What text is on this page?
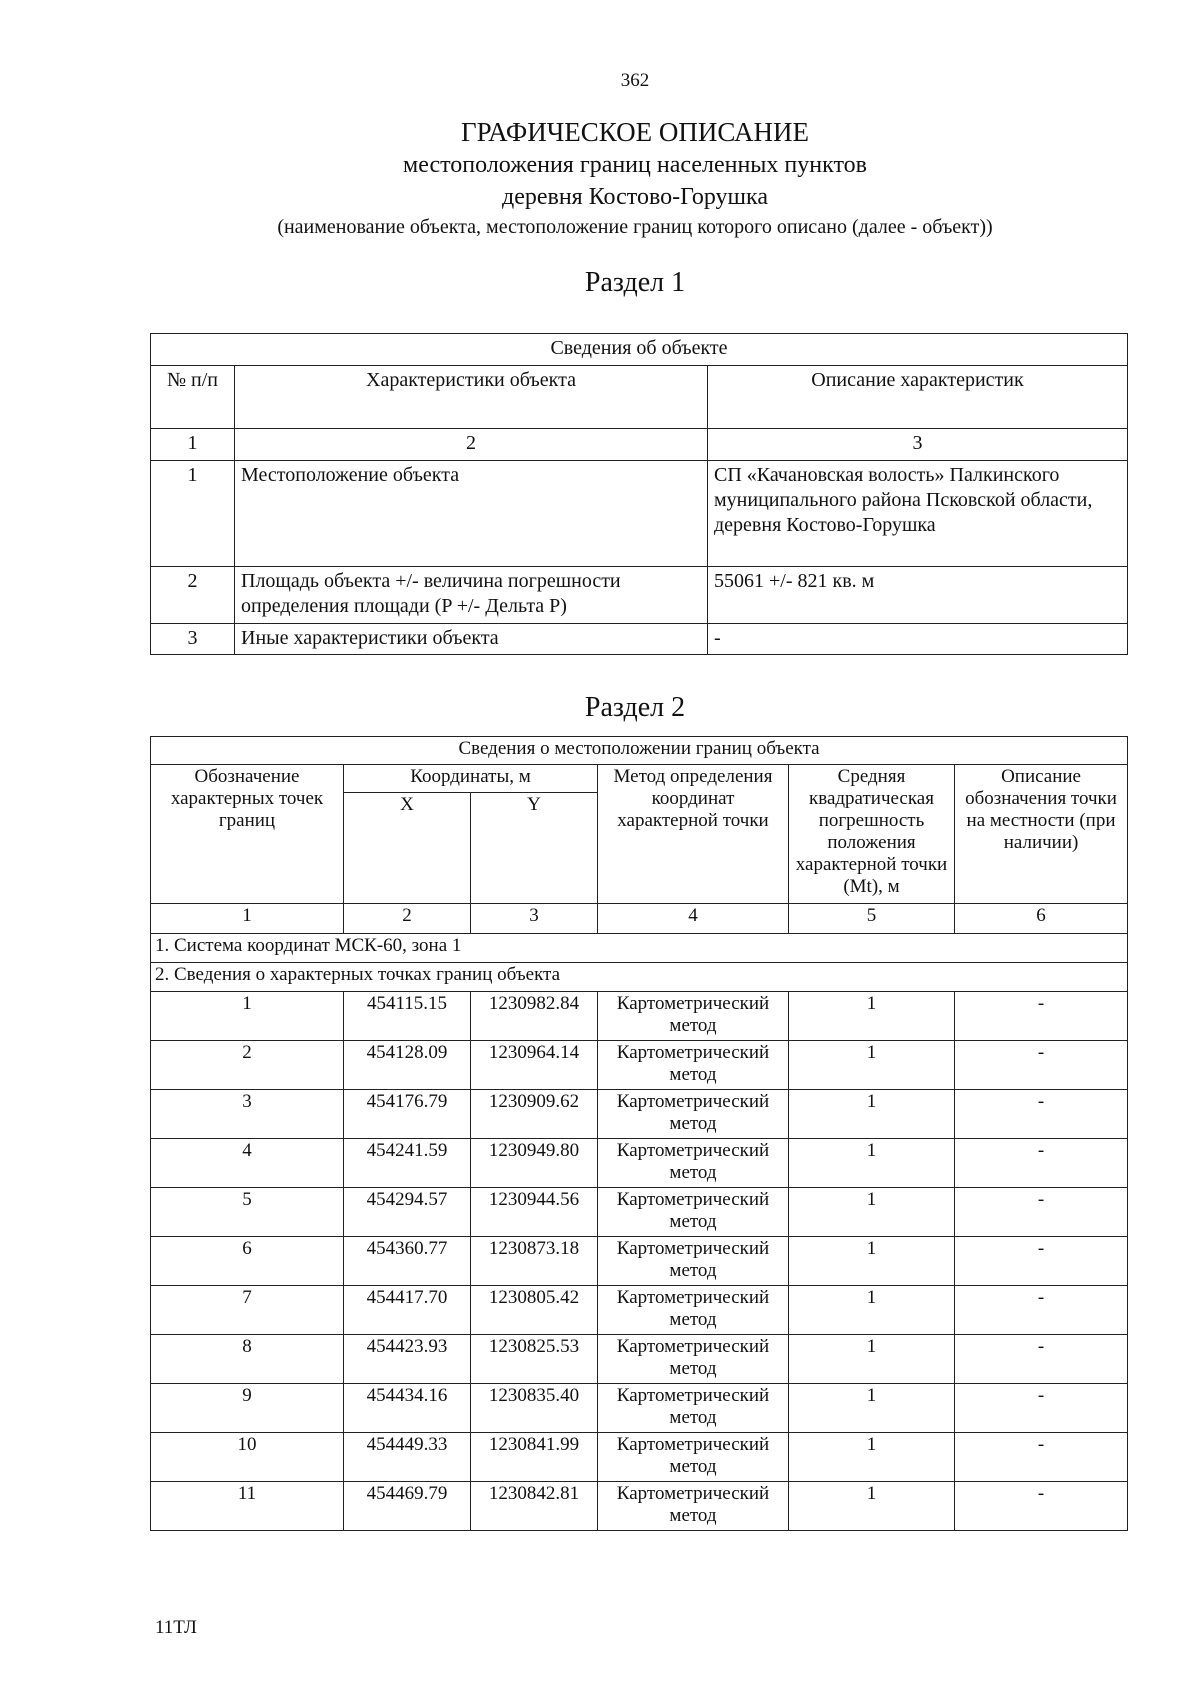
362
ГРАФИЧЕСКОЕ ОПИСАНИЕ
местоположения границ населенных пунктов
деревня Костово-Горушка
(наименование объекта, местоположение границ которого описано (далее - объект))
Раздел 1
Сведения об объекте		
№ п/п	Характеристики объекта	Описание характеристик
1	2	3
1	Местоположение объекта	СП «Качановская волость» Палкинского муниципального района Псковской области, деревня Костово-Горушка
2	Площадь объекта +/- величина погрешности определения площади (P +/- Дельта P)	55061 +/- 821 кв. м
3	Иные характеристики объекта	-
Раздел 2
Сведения о местоположении границ объекта					
Обозначение характерных точек границ	Координаты, м		Метод определения координат характерной точки	Средняя квадратическая погрешность положения характерной точки (Mt), м	Описание обозначения точки на местности (при наличии)
	X	Y			
1	2	3	4	5	6
1. Система координат МСК-60, зона 1					
2. Сведения о характерных точках границ объекта					
1	454115.15	1230982.84	Картометрический метод	1	-
2	454128.09	1230964.14	Картометрический метод	1	-
3	454176.79	1230909.62	Картометрический метод	1	-
4	454241.59	1230949.80	Картометрический метод	1	-
5	454294.57	1230944.56	Картометрический метод	1	-
6	454360.77	1230873.18	Картометрический метод	1	-
7	454417.70	1230805.42	Картометрический метод	1	-
8	454423.93	1230825.53	Картометрический метод	1	-
9	454434.16	1230835.40	Картометрический метод	1	-
10	454449.33	1230841.99	Картометрический метод	1	-
11	454469.79	1230842.81	Картометрический метод	1	-
11ТЛ
